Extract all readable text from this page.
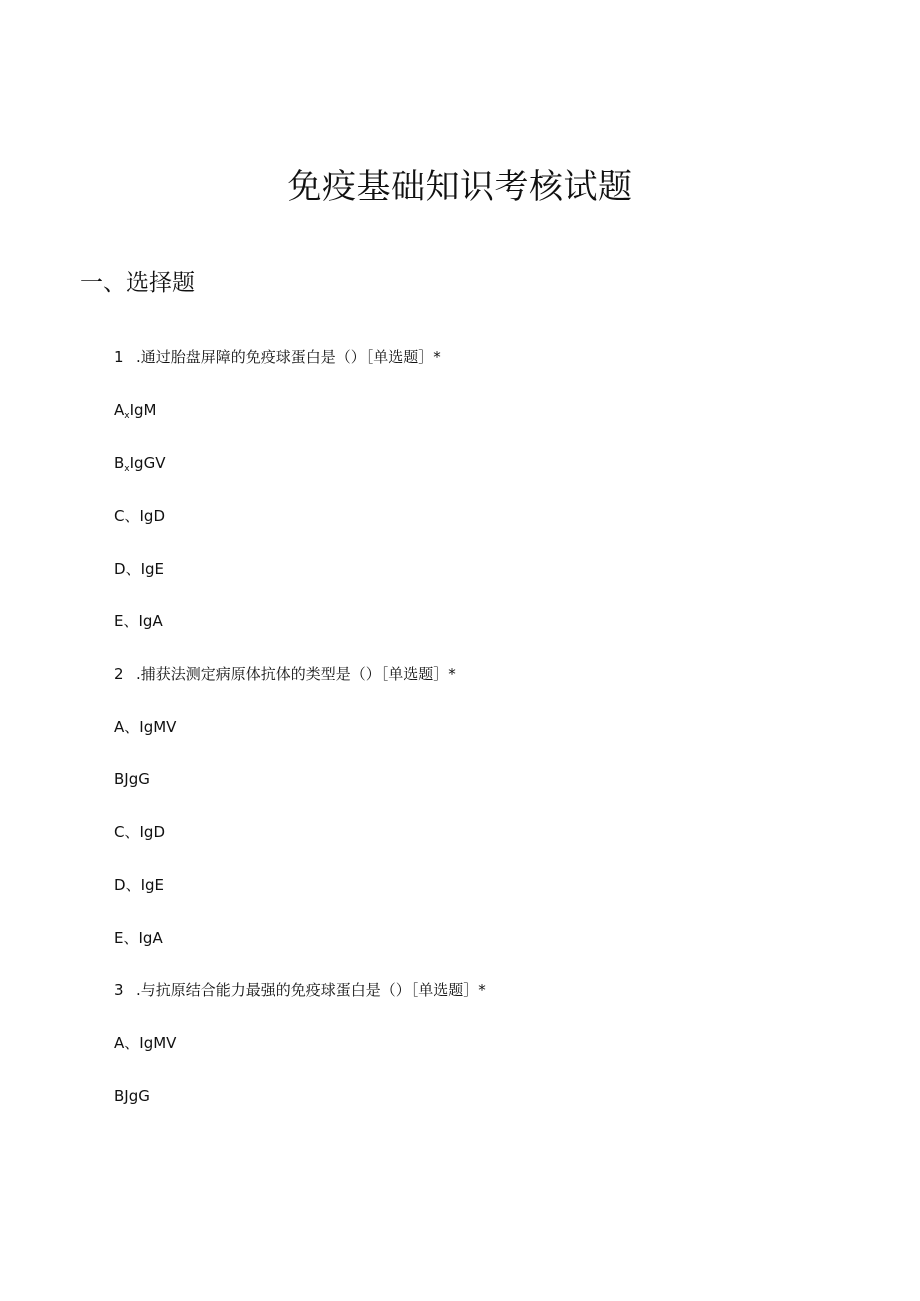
免疫基础知识考核试题
一、选择题
1 .通过胎盘屏障的免疫球蛋白是（）［单选题］*
$A_xIgM$
$B_xIgGV$
C、IgD
D、IgE
E、IgA
2 .捕获法测定病原体抗体的类型是（）［单选题］*
A、IgMV
BJgG
C、IgD
D、IgE
E、IgA
3 .与抗原结合能力最强的免疫球蛋白是（）［单选题］*
A、IgMV
BJgG
